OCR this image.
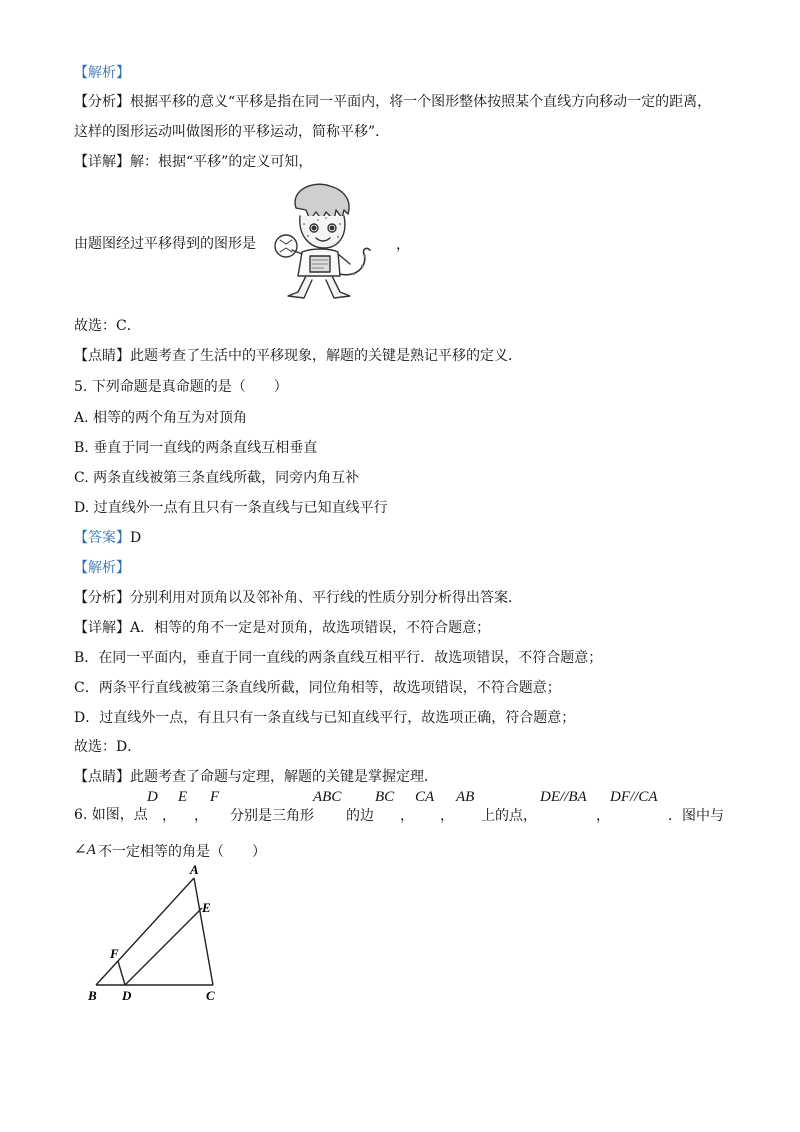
【解析】
【分析】根据平移的意义“平移是指在同一平面内，将一个图形整体按照某个直线方向移动一定的距离，
这样的图形运动叫做图形的平移运动，简称平移”．
【详解】解：根据“平移”的定义可知，
由题图经过平移得到的图形是	，
故选：C．
【点睛】此题考查了生活中的平移现象，解题的关键是熟记平移的定义．
5. 下列命题是真命题的是（　　）
A. 相等的两个角互为对顶角
B. 垂直于同一直线的两条直线互相垂直
C. 两条直线被第三条直线所截，同旁内角互补
D. 过直线外一点有且只有一条直线与已知直线平行
【答案】D
【解析】
【分析】分别利用对顶角以及邻补角、平行线的性质分别分析得出答案．
【详解】A．相等的角不一定是对顶角，故选项错误，不符合题意；
B．在同一平面内，垂直于同一直线的两条直线互相平行．故选项错误，不符合题意；
C．两条平行直线被第三条直线所截，同位角相等，故选项错误，不符合题意；
D．过直线外一点，有且只有一条直线与已知直线平行，故选项正确，符合题意；
故选：D．
【点睛】此题考查了命题与定理，解题的关键是掌握定理．
6. 如图，点
D
，
E
，
F
分别是三角形
ABC
的边
BC
，
CA
，
AB
上的点，
DE//BA
，
DF//CA
．图中与
∠A 不一定相等的角是（　　）
A
E
F
B D	C
